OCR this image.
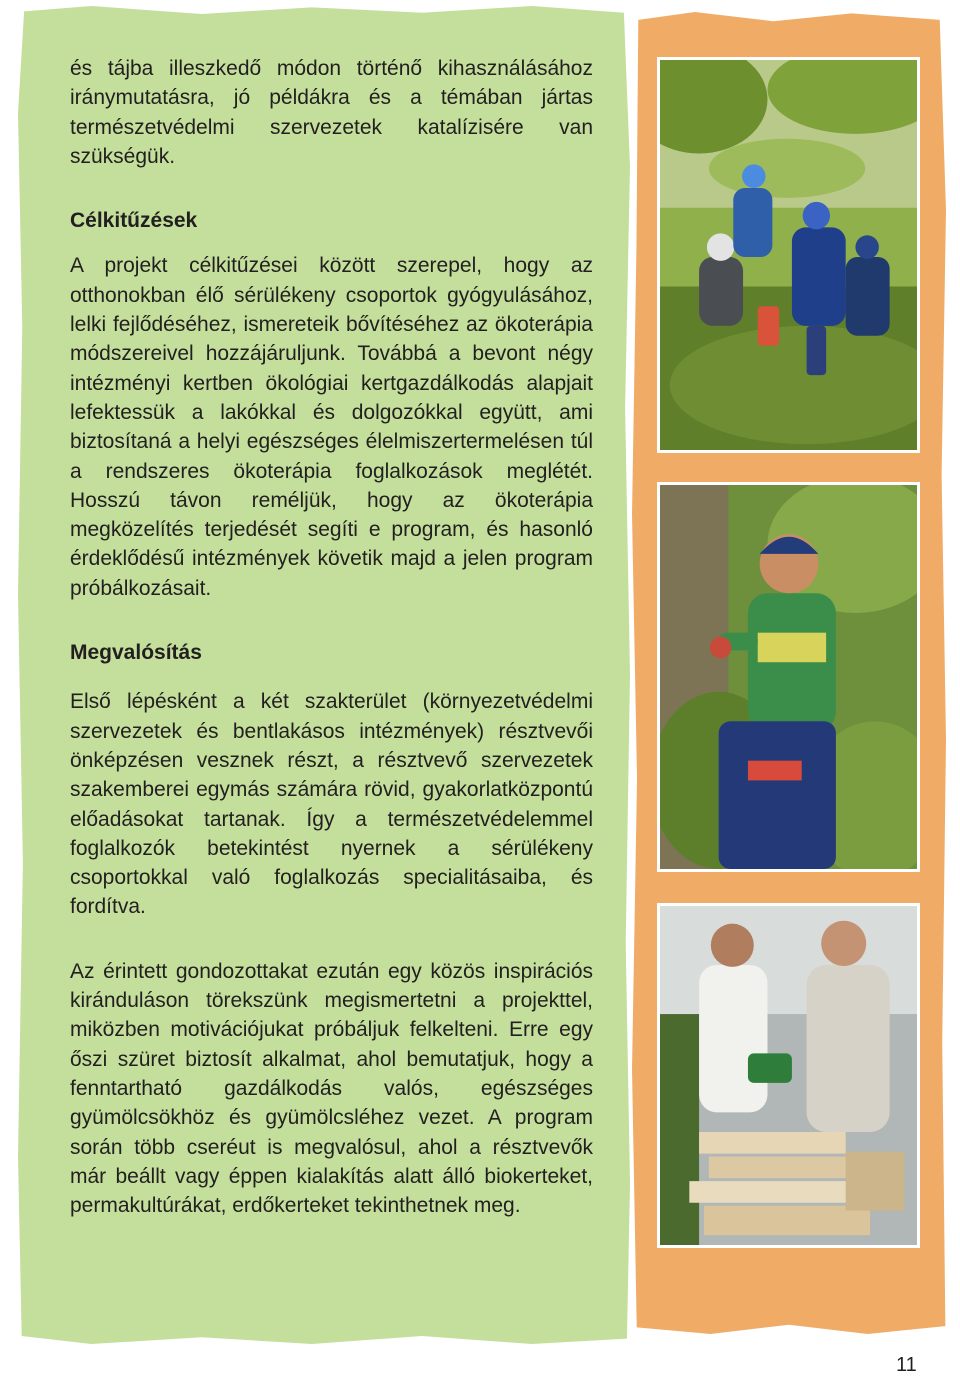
és tájba illeszkedő módon történő kihasználásához iránymutatásra, jó példákra és a témában jártas természetvédelmi szervezetek katalízisére van szükségük.

Célkitűzések

A projekt célkitűzései között szerepel, hogy az otthonokban élő sérülékeny csoportok gyógyulásához, lelki fejlődéséhez, ismereteik bővítéséhez az ökoterápia módszereivel hozzájáruljunk. Továbbá a bevont négy intézményi kertben ökológiai kertgazdálkodás alapjait lefektessük a lakókkal és dolgozókkal együtt, ami biztosítaná a helyi egészséges élelmiszertermelésen túl a rendszeres ökoterápia foglalkozások meglétét. Hosszú távon reméljük, hogy az ökoterápia megközelítés terjedését segíti e program, és hasonló érdeklődésű intézmények követik majd a jelen program próbálkozásait.

Megvalósítás

Első lépésként a két szakterület (környezetvédelmi szervezetek és bentlakásos intézmények) résztvevői önképzésen vesznek részt, a résztvevő szervezetek szakemberei egymás számára rövid, gyakorlatközpontú előadásokat tartanak. Így a természetvédelemmel foglalkozók betekintést nyernek a sérülékeny csoportokkal való foglalkozás specialitásaiba, és fordítva.

Az érintett gondozottakat ezután egy közös inspirációs kiránduláson törekszünk megismertetni a projekttel, miközben motivációjukat próbáljuk felkelteni. Erre egy őszi szüret biztosít alkalmat, ahol bemutatjuk, hogy a fenntartható gazdálkodás valós, egészséges gyümölcsökhöz és gyümölcsléhez vezet. A program során több cseréut is megvalósul, ahol a résztvevők már beállt vagy éppen kialakítás alatt álló biokerteket, permakultúrákat, erdőkerteket tekinthetnek meg.

11
